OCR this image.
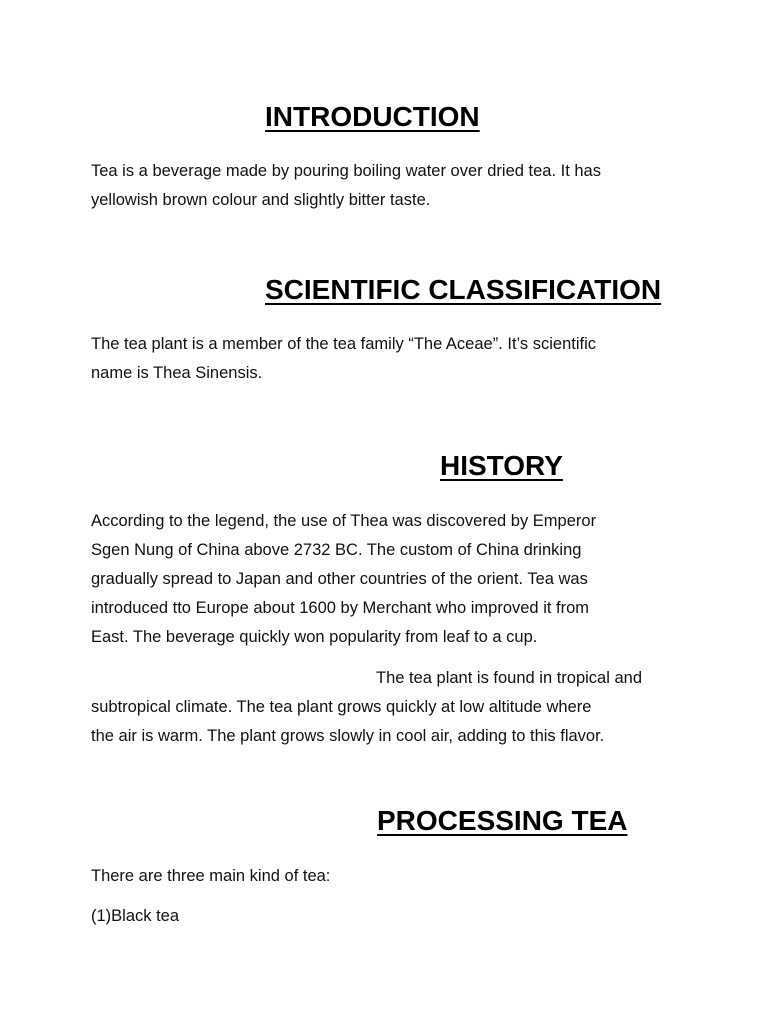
INTRODUCTION

Tea is a beverage made by pouring boiling water over dried tea. It has
yellowish brown colour and slightly bitter taste.

SCIENTIFIC CLASSIFICATION

The tea plant is a member of the tea family “The Aceae”. It’s scientific
name is Thea Sinensis.

HISTORY

According to the legend, the use of Thea was discovered by Emperor
Sgen Nung of China above 2732 BC. The custom of China drinking
gradually spread to Japan and other countries of the orient. Tea was
introduced tto Europe about 1600 by Merchant who improved it from
East. The beverage quickly won popularity from leaf to a cup.

The tea plant is found in tropical and
subtropical climate. The tea plant grows quickly at low altitude where
the air is warm. The plant grows slowly in cool air, adding to this flavor.

PROCESSING TEA

There are three main kind of tea:

(1)Black tea
